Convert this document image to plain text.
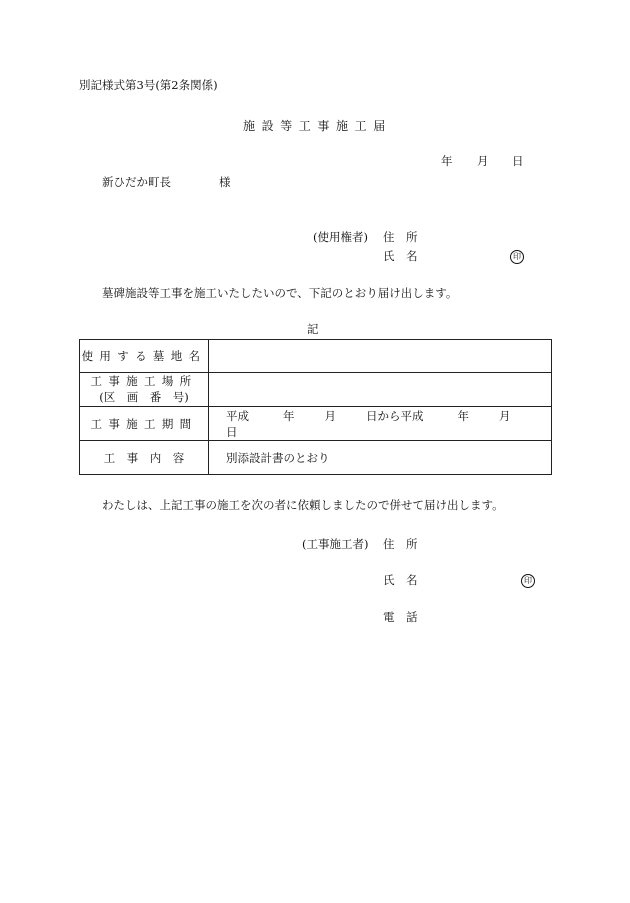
別記様式第3号(第2条関係)
施設等工事施工届
年 月 日
新ひだか町長	様
(使用権者) 住　所
氏　名	印
墓碑施設等工事を施工いたしたいので、下記のとおり届け出します。
記
使用する墓地名	

工事施工場所
(区　画　番　号)	

工事施工期間	平成 年 月 日から平成 年 月日
工　事　内　容	別添設計書のとおり
わたしは、上記工事の施工を次の者に依頼しましたので併せて届け出します。
(工事施工者) 住　所
氏　名	印
電　話
